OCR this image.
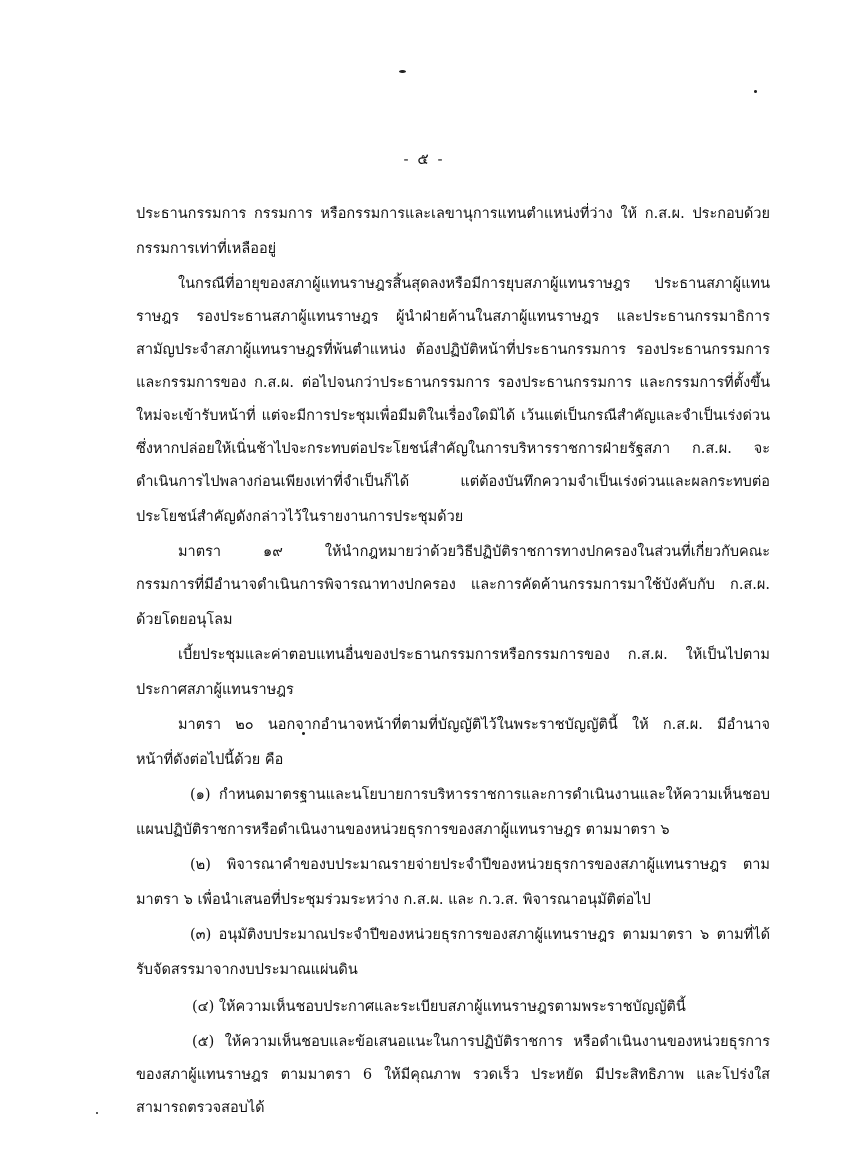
- ๕ -
ประธานกรรมการ กรรมการ หรือกรรมการและเลขานุการแทนตำแหน่งที่ว่าง ให้ ก.ส.ผ. ประกอบด้วย
กรรมการเท่าที่เหลืออยู่
ในกรณีที่อายุของสภาผู้แทนราษฎรสิ้นสุดลงหรือมีการยุบสภาผู้แทนราษฎร ประธานสภาผู้แทน
ราษฎร รองประธานสภาผู้แทนราษฎร ผู้นำฝ่ายค้านในสภาผู้แทนราษฎร และประธานกรรมาธิการ
สามัญประจำสภาผู้แทนราษฎรที่พ้นตำแหน่ง ต้องปฏิบัติหน้าที่ประธานกรรมการ รองประธานกรรมการ
และกรรมการของ ก.ส.ผ. ต่อไปจนกว่าประธานกรรมการ รองประธานกรรมการ และกรรมการที่ตั้งขึ้น
ใหม่จะเข้ารับหน้าที่ แต่จะมีการประชุมเพื่อมีมติในเรื่องใดมิได้ เว้นแต่เป็นกรณีสำคัญและจำเป็นเร่งด่วน
ซึ่งหากปล่อยให้เนิ่นช้าไปจะกระทบต่อประโยชน์สำคัญในการบริหารราชการฝ่ายรัฐสภา ก.ส.ผ. จะ
ดำเนินการไปพลางก่อนเพียงเท่าที่จำเป็นก็ได้ แต่ต้องบันทึกความจำเป็นเร่งด่วนและผลกระทบต่อ
ประโยชน์สำคัญดังกล่าวไว้ในรายงานการประชุมด้วย
มาตรา ๑๙ ให้นำกฎหมายว่าด้วยวิธีปฏิบัติราชการทางปกครองในส่วนที่เกี่ยวกับคณะ
กรรมการที่มีอำนาจดำเนินการพิจารณาทางปกครอง และการคัดค้านกรรมการมาใช้บังคับกับ ก.ส.ผ.
ด้วยโดยอนุโลม
เบี้ยประชุมและค่าตอบแทนอื่นของประธานกรรมการหรือกรรมการของ ก.ส.ผ. ให้เป็นไปตาม
ประกาศสภาผู้แทนราษฎร
มาตรา ๒๐ นอกจากอำนาจหน้าที่ตามที่บัญญัติไว้ในพระราชบัญญัตินี้ ให้ ก.ส.ผ. มีอำนาจ
หน้าที่ดังต่อไปนี้ด้วย คือ
(๑) กำหนดมาตรฐานและนโยบายการบริหารราชการและการดำเนินงานและให้ความเห็นชอบ
แผนปฏิบัติราชการหรือดำเนินงานของหน่วยธุรการของสภาผู้แทนราษฎร ตามมาตรา ๖
(๒) พิจารณาคำของบประมาณรายจ่ายประจำปีของหน่วยธุรการของสภาผู้แทนราษฎร ตาม
มาตรา ๖ เพื่อนำเสนอที่ประชุมร่วมระหว่าง ก.ส.ผ. และ ก.ว.ส. พิจารณาอนุมัติต่อไป
(๓) อนุมัติงบประมาณประจำปีของหน่วยธุรการของสภาผู้แทนราษฎร ตามมาตรา ๖ ตามที่ได้
รับจัดสรรมาจากงบประมาณแผ่นดิน
(๔) ให้ความเห็นชอบประกาศและระเบียบสภาผู้แทนราษฎรตามพระราชบัญญัตินี้
(๕) ให้ความเห็นชอบและข้อเสนอแนะในการปฏิบัติราชการ หรือดำเนินงานของหน่วยธุรการ
ของสภาผู้แทนราษฎร ตามมาตรา 6 ให้มีคุณภาพ รวดเร็ว ประหยัด มีประสิทธิภาพ และโปร่งใส
สามารถตรวจสอบได้
